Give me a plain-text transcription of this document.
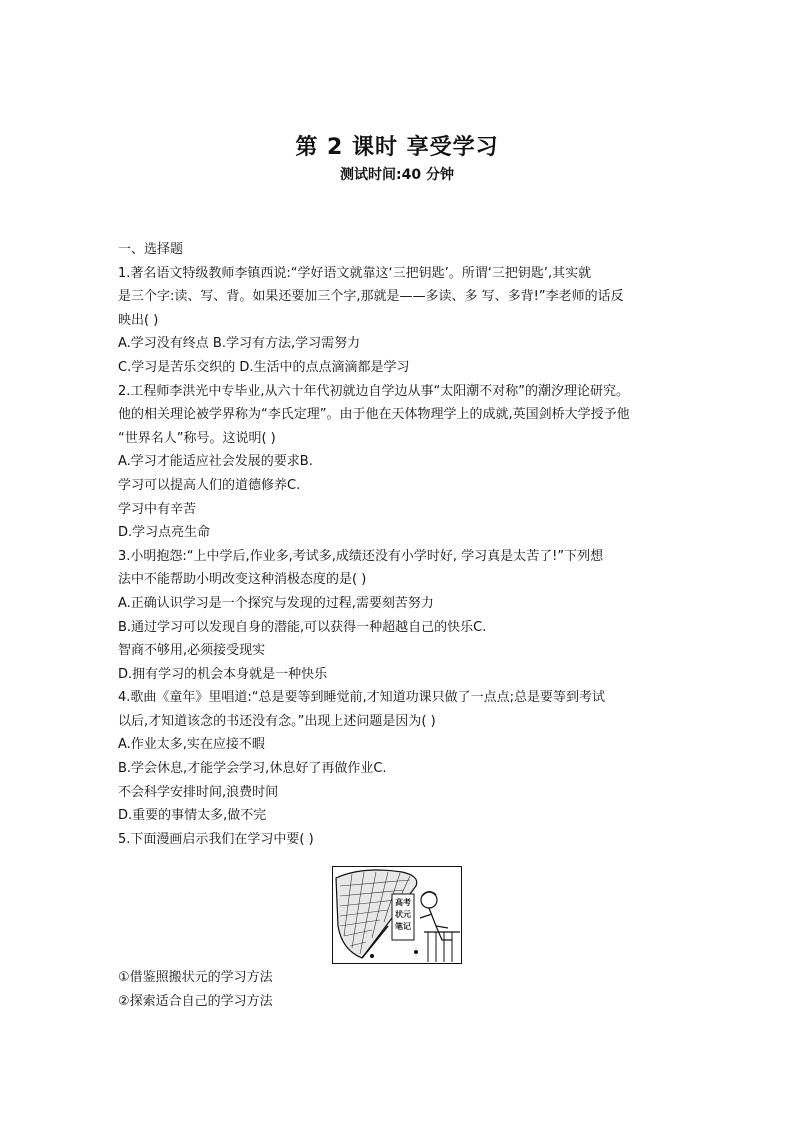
第 2 课时 享受学习
测试时间:40 分钟
一、选择题
1.著名语文特级教师李镇西说:“学好语文就靠这‘三把钥匙’。所谓‘三把钥匙’,其实就
是三个字:读、写、背。如果还要加三个字,那就是——多读、多 写、多背!”李老师的话反
映出( )
A.学习没有终点 B.学习有方法,学习需努力
C.学习是苦乐交织的 D.生活中的点点滴滴都是学习
2.工程师李洪光中专毕业,从六十年代初就边自学边从事“太阳潮不对称”的潮汐理论研究。
他的相关理论被学界称为“李氏定理”。由于他在天体物理学上的成就,英国剑桥大学授予他
“世界名人”称号。这说明( )
A.学习才能适应社会发展的要求B.
学习可以提高人们的道德修养C.
学习中有辛苦
D.学习点亮生命
3.小明抱怨:“上中学后,作业多,考试多,成绩还没有小学时好, 学习真是太苦了!”下列想
法中不能帮助小明改变这种消极态度的是( )
A.正确认识学习是一个探究与发现的过程,需要刻苦努力
B.通过学习可以发现自身的潜能,可以获得一种超越自己的快乐C.
智商不够用,必须接受现实
D.拥有学习的机会本身就是一种快乐
4.歌曲《童年》里唱道:“总是要等到睡觉前,才知道功课只做了一点点;总是要等到考试
以后,才知道该念的书还没有念。”出现上述问题是因为( )
A.作业太多,实在应接不暇
B.学会休息,才能学会学习,休息好了再做作业C.
不会科学安排时间,浪费时间
D.重要的事情太多,做不完
5.下面漫画启示我们在学习中要( )
高考
状元
笔记
①借鉴照搬状元的学习方法
②探索适合自己的学习方法
